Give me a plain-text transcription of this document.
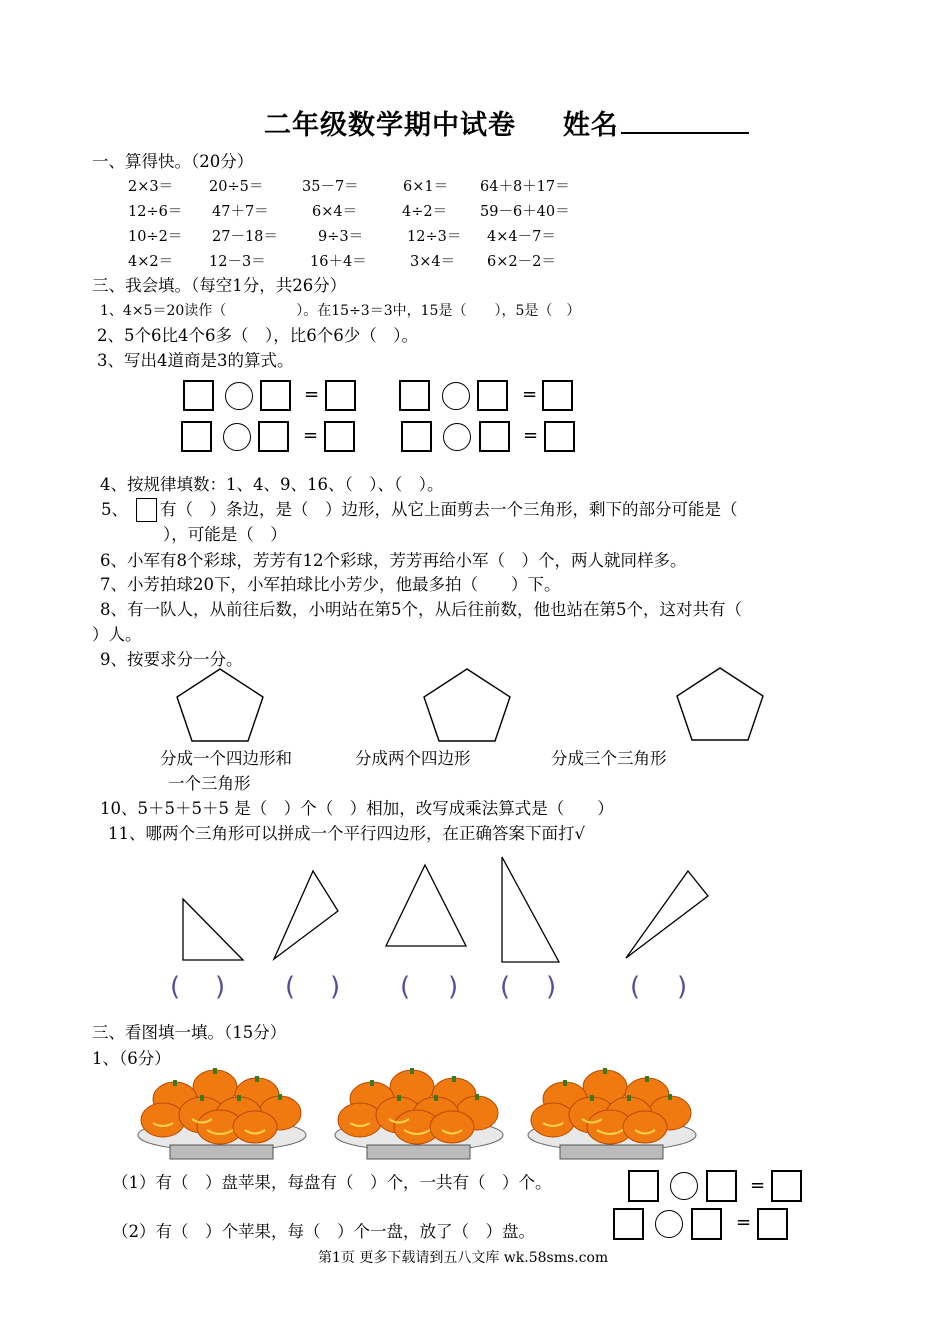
二年级数学期中试卷 姓名
一、算得快。（20分）
2×3＝ 20÷5＝	35－7＝	6×1＝ 64＋8＋17＝
12÷6＝ 47＋7＝	6×4＝	4÷2＝ 59－6＋40＝
10÷2＝ 27－18＝	9÷3＝	12÷3＝ 4×4－7＝
4×2＝ 12－3＝	16＋4＝	3×4＝ 6×2－2＝
三、我会填。（每空1分，共26分）
1、4×5＝20读作（　　　　　）。在15÷3＝3中，15是（　　），5是（　）
2、5个6比4个6多（　），比6个6少（　）。
3、写出4道商是3的算式。
=	=
=	=
4、按规律填数：1、4、9、16、（　）、（　）。
5、 有（　）条边，是（　）边形，从它上面剪去一个三角形，剩下的部分可能是（
），可能是（　）
6、小军有8个彩球，芳芳有12个彩球，芳芳再给小军（　）个，两人就同样多。
7、小芳拍球20下，小军拍球比小芳少，他最多拍（　　）下。
8、有一队人，从前往后数，小明站在第5个，从后往前数，他也站在第5个，这对共有（
）人。
9、按要求分一分。
分成一个四边形和
一个三角形
分成两个四边形	分成三个三角形
10、5＋5＋5＋5 是（　）个（　）相加，改写成乘法算式是（　　）
11、哪两个三角形可以拼成一个平行四边形，在正确答案下面打√
( ) ( ) ( ) ( )	( )
三、看图填一填。（15分）
1、（6分）
（1）有（　）盘苹果，每盘有（　）个，一共有（　）个。
（2）有（　）个苹果，每（　）个一盘，放了（　）盘。
=
=
第1页 更多下载请到五八文库 wk.58sms.com
